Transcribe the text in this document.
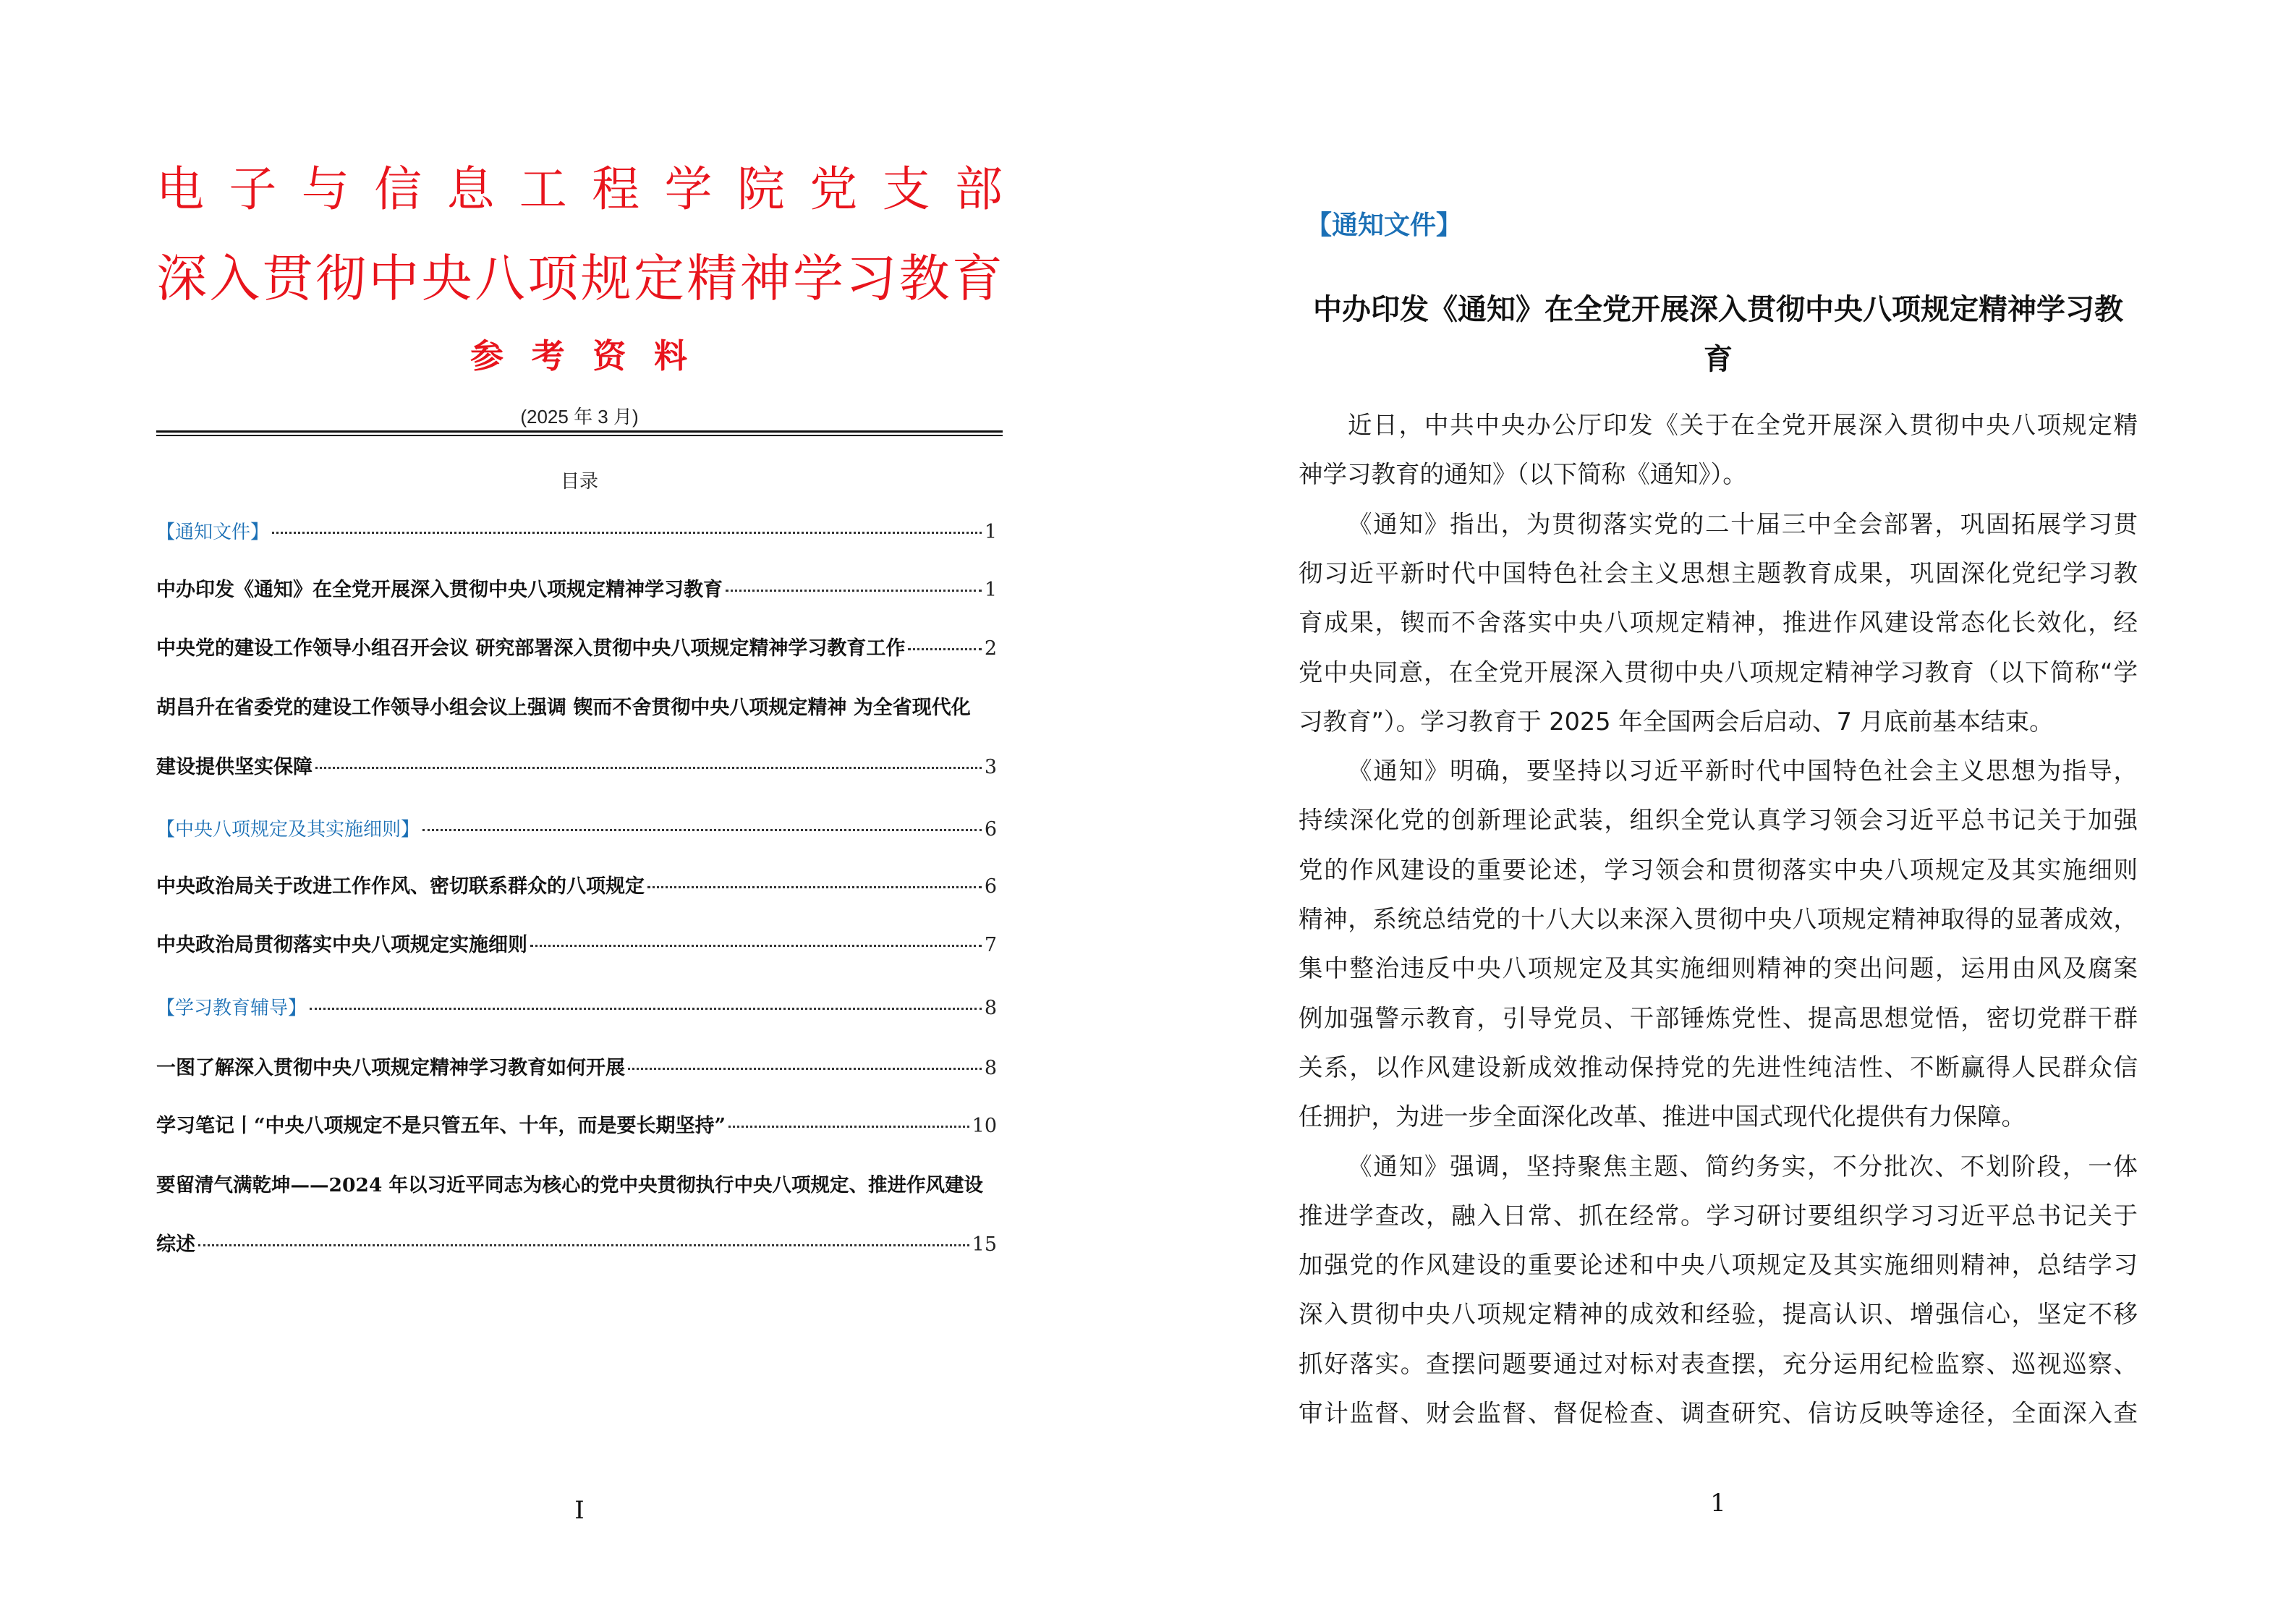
电 子 与 信 息 工 程 学 院 党 支 部
深 入 贯 彻 中 央 八 项 规 定 精 神 学 习 教 育
参 考 资 料
(2025 年 3 月)
目录
【通知文件】	1
中办印发《通知》在全党开展深入贯彻中央八项规定精神学习教育	1
中央党的建设工作领导小组召开会议 研究部署深入贯彻中央八项规定精神学习教育工作	2
胡昌升在省委党的建设工作领导小组会议上强调 锲而不舍贯彻中央八项规定精神 为全省现代化
建设提供坚实保障	3
【中央八项规定及其实施细则】	6
中央政治局关于改进工作作风、密切联系群众的八项规定	6
中央政治局贯彻落实中央八项规定实施细则	7
【学习教育辅导】	8
一图了解深入贯彻中央八项规定精神学习教育如何开展	8
学习笔记丨“中央八项规定不是只管五年、十年，而是要长期坚持”	10
要留清气满乾坤——2024 年以习近平同志为核心的党中央贯彻执行中央八项规定、推进作风建设
综述	15
I
【通知文件】
中办印发《通知》在全党开展深入贯彻中央八项规定精神学习教
育
近日，中共中央办公厅印发《关于在全党开展深入贯彻中央八项规定精
神学习教育的通知》（以下简称《通知》）。
《通知》指出，为贯彻落实党的二十届三中全会部署，巩固拓展学习贯
彻习近平新时代中国特色社会主义思想主题教育成果，巩固深化党纪学习教
育成果，锲而不舍落实中央八项规定精神，推进作风建设常态化长效化，经
党中央同意，在全党开展深入贯彻中央八项规定精神学习教育（以下简称“学
习教育”）。学习教育于 2025 年全国两会后启动、7 月底前基本结束。
《通知》明确，要坚持以习近平新时代中国特色社会主义思想为指导，
持续深化党的创新理论武装，组织全党认真学习领会习近平总书记关于加强
党的作风建设的重要论述，学习领会和贯彻落实中央八项规定及其实施细则
精神，系统总结党的十八大以来深入贯彻中央八项规定精神取得的显著成效，
集中整治违反中央八项规定及其实施细则精神的突出问题，运用由风及腐案
例加强警示教育，引导党员、干部锤炼党性、提高思想觉悟，密切党群干群
关系，以作风建设新成效推动保持党的先进性纯洁性、不断赢得人民群众信
任拥护，为进一步全面深化改革、推进中国式现代化提供有力保障。
《通知》强调，坚持聚焦主题、简约务实，不分批次、不划阶段，一体
推进学查改，融入日常、抓在经常。学习研讨要组织学习习近平总书记关于
加强党的作风建设的重要论述和中央八项规定及其实施细则精神，总结学习
深入贯彻中央八项规定精神的成效和经验，提高认识、增强信心，坚定不移
抓好落实。查摆问题要通过对标对表查摆，充分运用纪检监察、巡视巡察、
审计监督、财会监督、督促检查、调查研究、信访反映等途径，全面深入查
1
